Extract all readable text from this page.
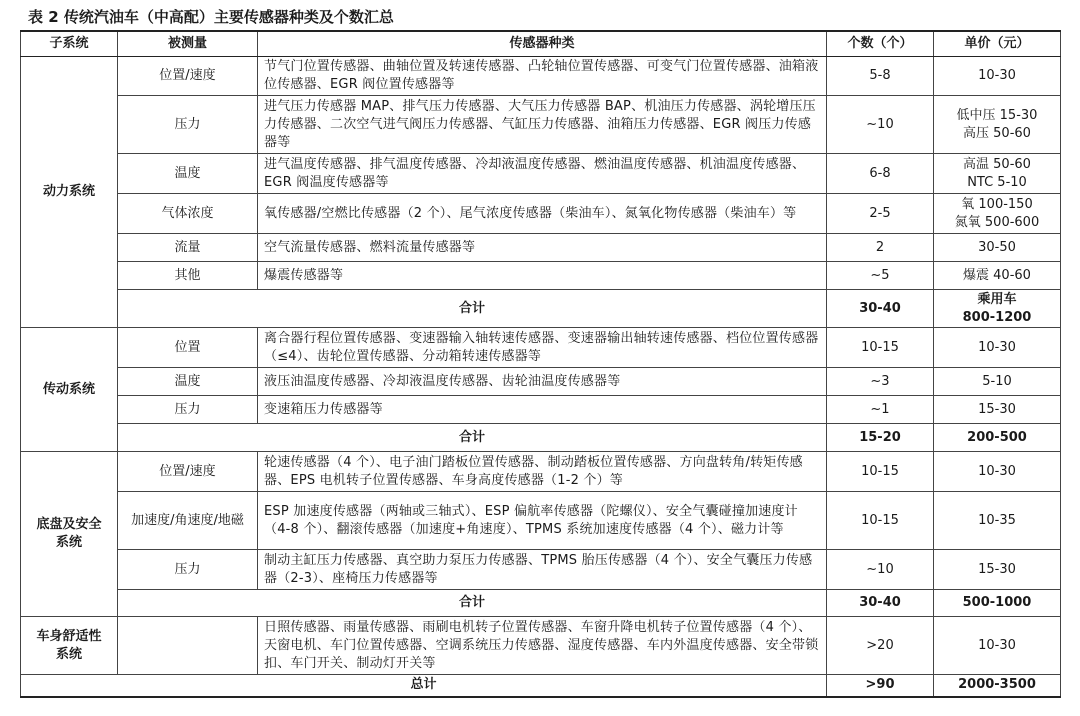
表 2 传统汽油车（中高配）主要传感器种类及个数汇总
子系统	被测量	传感器种类	个数（个）	单价（元）
动力系统	位置/速度	节气门位置传感器、曲轴位置及转速传感器、凸轮轴位置传感器、可变气门位置传感器、油箱液位传感器、EGR 阀位置传感器等	5-8	10-30

	压力	进气压力传感器 MAP、排气压力传感器、大气压力传感器 BAP、机油压力传感器、涡轮增压压力传感器、二次空气进气阀压力传感器、气缸压力传感器、油箱压力传感器、EGR 阀压力传感器等	~10	低中压 15-30
高压 50-60

	温度	进气温度传感器、排气温度传感器、冷却液温度传感器、燃油温度传感器、机油温度传感器、EGR 阀温度传感器等	6-8	高温 50-60
NTC 5-10

	气体浓度	氧传感器/空燃比传感器（2 个）、尾气浓度传感器（柴油车）、氮氧化物传感器（柴油车）等	2-5	氧 100-150
氮氧 500-600

	流量	空气流量传感器、燃料流量传感器等	2	30-50

	其他	爆震传感器等	~5	爆震 40-60

	合计		30-40	乘用车
800-1200

传动系统	位置	离合器行程位置传感器、变速器输入轴转速传感器、变速器输出轴转速传感器、档位位置传感器（≤4）、齿轮位置传感器、分动箱转速传感器等	10-15	10-30

	温度	液压油温度传感器、冷却液温度传感器、齿轮油温度传感器等	~3	5-10

	压力	变速箱压力传感器等	~1	15-30

	合计		15-20	200-500

底盘及安全
系统	位置/速度	轮速传感器（4 个）、电子油门踏板位置传感器、制动踏板位置传感器、方向盘转角/转矩传感器、EPS 电机转子位置传感器、车身高度传感器（1-2 个）等	10-15	10-30

	加速度/角速度/地磁	ESP 加速度传感器（两轴或三轴式）、ESP 偏航率传感器（陀螺仪）、安全气囊碰撞加速度计（4-8 个）、翻滚传感器（加速度+角速度）、TPMS 系统加速度传感器（4 个）、磁力计等	10-15	10-35

	压力	制动主缸压力传感器、真空助力泵压力传感器、TPMS 胎压传感器（4 个）、安全气囊压力传感器（2-3）、座椅压力传感器等	~10	15-30

	合计		30-40	500-1000

车身舒适性
系统		日照传感器、雨量传感器、雨刷电机转子位置传感器、车窗升降电机转子位置传感器（4 个）、天窗电机、车门位置传感器、空调系统压力传感器、湿度传感器、车内外温度传感器、安全带锁扣、车门开关、制动灯开关等	>20	10-30

总计			>90	2000-3500
